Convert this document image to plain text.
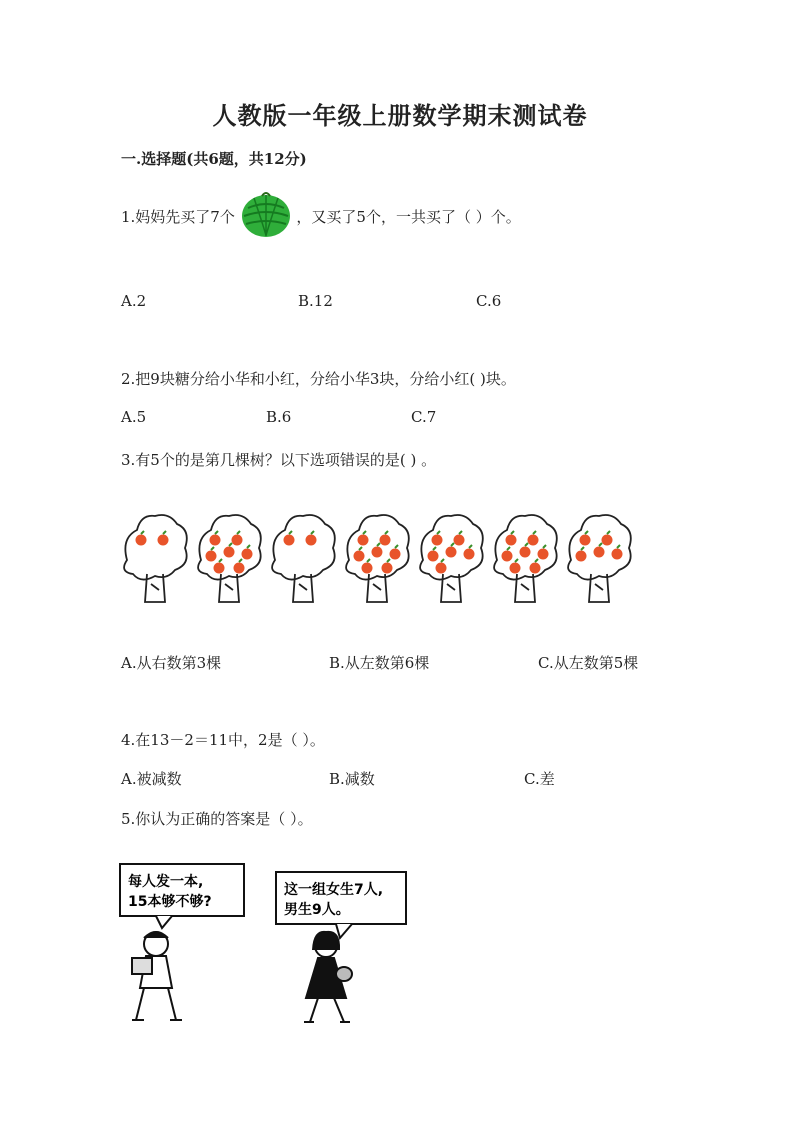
人教版一年级上册数学期末测试卷
一.选择题(共6题，共12分)
1.妈妈先买了7个	，又买了5个，一共买了（ ）个。
A.2	B.12	C.6
2.把9块糖分给小华和小红，分给小华3块，分给小红( )块。
A.5	B.6	C.7
3.有5个的是第几棵树？以下选项错误的是( ) 。
A.从右数第3棵	B.从左数第6棵	C.从左数第5棵
4.在13－2＝11中，2是（ ）。
A.被减数	B.减数	C.差
5.你认为正确的答案是（ ）。
每人发一本,
15本够不够?
这一组女生7人,
男生9人。
